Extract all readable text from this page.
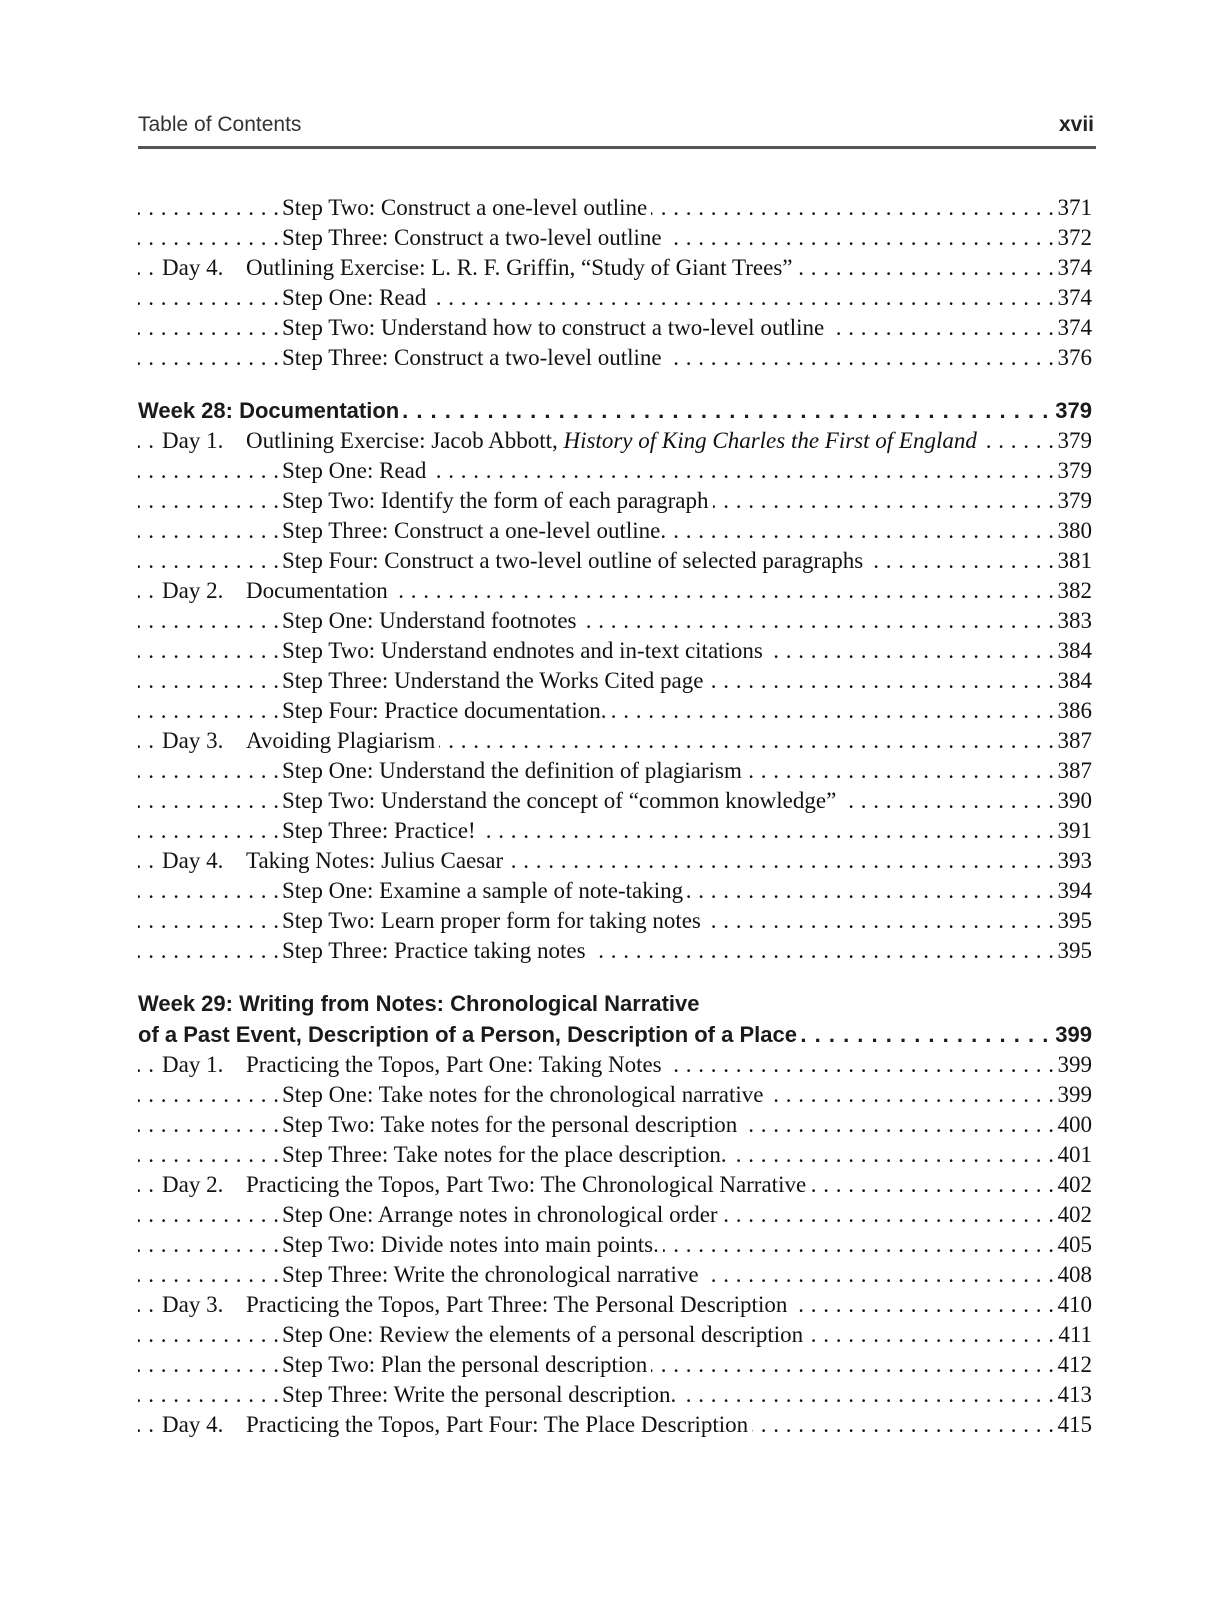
Table of Contents	xvii
. . . Step Two: Construct a one-level outline	371
. . . Step Three: Construct a two-level outline	372
. . . Day 4. Outlining Exercise: L. R. F. Griffin, “Study of Giant Trees”	374
. . . Step One: Read	374
. . . Step Two: Understand how to construct a two-level outline	374
. . . Step Three: Construct a two-level outline	376
. . . Week 28: Documentation	379
. . . Day 1. Outlining Exercise: Jacob Abbott, History of King Charles the First of England	379
. . . Step One: Read	379
. . . Step Two: Identify the form of each paragraph	379
. . . Step Three: Construct a one-level outline.	380
. . . Step Four: Construct a two-level outline of selected paragraphs	381
. . . Day 2. Documentation	382
. . . Step One: Understand footnotes	383
. . . Step Two: Understand endnotes and in-text citations	384
. . . Step Three: Understand the Works Cited page	384
. . . Step Four: Practice documentation.	386
. . . Day 3. Avoiding Plagiarism	387
. . . Step One: Understand the definition of plagiarism	387
. . . Step Two: Understand the concept of “common knowledge”	390
. . . Step Three: Practice!	391
. . . Day 4. Taking Notes: Julius Caesar	393
. . . Step One: Examine a sample of note-taking	394
. . . Step Two: Learn proper form for taking notes	395
. . . Step Three: Practice taking notes	395
Week 29: Writing from Notes: Chronological Narrative
. . . of a Past Event, Description of a Person, Description of a Place	399
. . . Day 1. Practicing the Topos, Part One: Taking Notes	399
. . . Step One: Take notes for the chronological narrative	399
. . . Step Two: Take notes for the personal description	400
. . . Step Three: Take notes for the place description.	401
. . . Day 2. Practicing the Topos, Part Two: The Chronological Narrative	402
. . . Step One: Arrange notes in chronological order	402
. . . Step Two: Divide notes into main points.	405
. . . Step Three: Write the chronological narrative	408
. . . Day 3. Practicing the Topos, Part Three: The Personal Description	410
. . . Step One: Review the elements of a personal description	411
. . . Step Two: Plan the personal description	412
. . . Step Three: Write the personal description.	413
. . . Day 4. Practicing the Topos, Part Four: The Place Description	415
